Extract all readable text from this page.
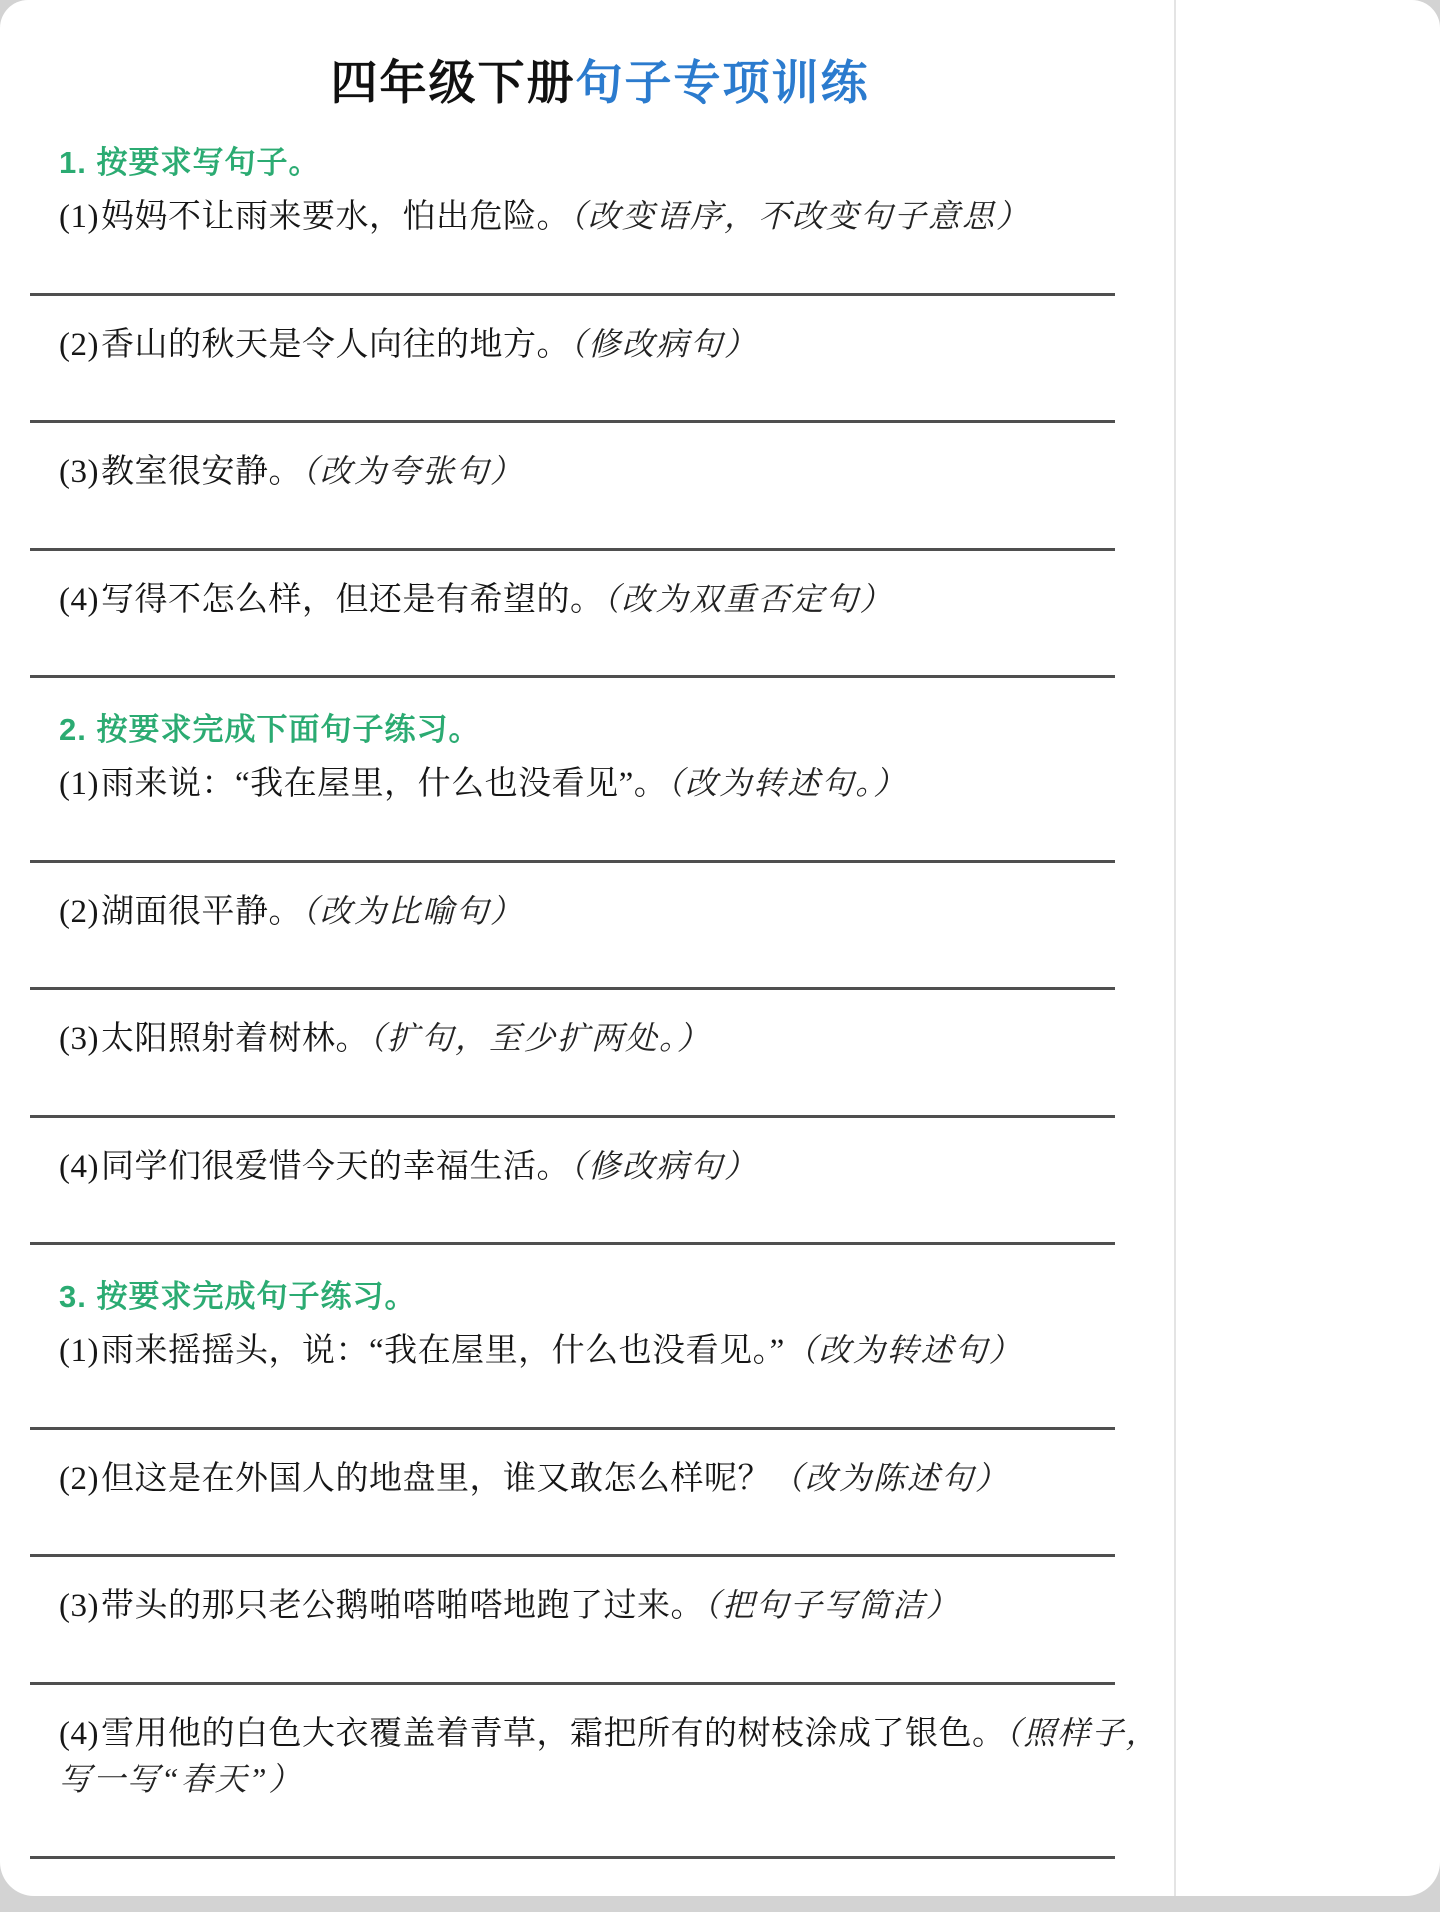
四年级下册句子专项训练
1. 按要求写句子。

(1)妈妈不让雨来要水，怕出危险。（改变语序，不改变句子意思）

(2)香山的秋天是令人向往的地方。（修改病句）

(3)教室很安静。（改为夸张句）

(4)写得不怎么样，但还是有希望的。（改为双重否定句）

2. 按要求完成下面句子练习。

(1)雨来说：“我在屋里，什么也没看见”。（改为转述句。）

(2)湖面很平静。（改为比喻句）

(3)太阳照射着树林。（扩句，至少扩两处。）

(4)同学们很爱惜今天的幸福生活。（修改病句）

3. 按要求完成句子练习。

(1)雨来摇摇头，说：“我在屋里，什么也没看见。”（改为转述句）

(2)但这是在外国人的地盘里，谁又敢怎么样呢？（改为陈述句）

(3)带头的那只老公鹅啪嗒啪嗒地跑了过来。（把句子写简洁）

(4)雪用他的白色大衣覆盖着青草，霜把所有的树枝涂成了银色。（照样子，写一写“春天”）
